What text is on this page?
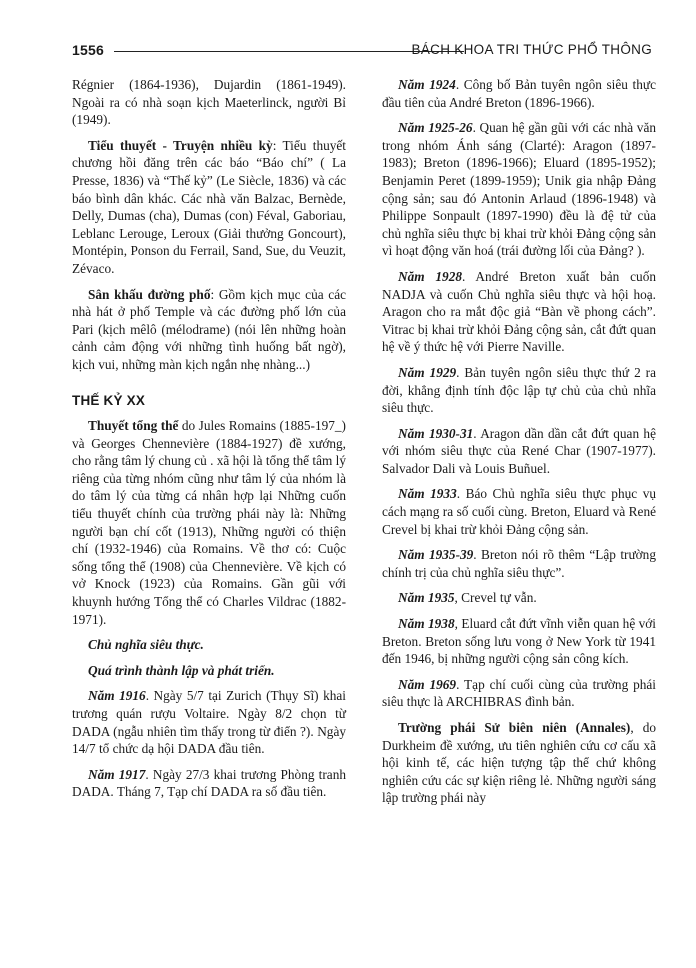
1556	BÁCH KHOA TRI THỨC PHỔ THÔNG

Régnier (1864-1936), Dujardin (1861-1949). Ngoài ra có nhà soạn kịch Maeterlinck, người Bỉ (1949).

Tiểu thuyết - Truyện nhiều kỳ: Tiểu thuyết chương hồi đăng trên các báo “Báo chí” ( La Presse, 1836) và “Thế kỷ” (Le Siècle, 1836) và các báo bình dân khác. Các nhà văn Balzac, Bernède, Delly, Dumas (cha), Dumas (con) Féval, Gaboriau, Leblanc Lerouge, Leroux (Giải thưởng Goncourt), Montépin, Ponson du Ferrail, Sand, Sue, du Veuzit, Zévaco.

Sân khấu đường phố: Gồm kịch mục của các nhà hát ở phố Temple và các đường phố lớn của Pari (kịch mêlô (mélodrame) (nói lên những hoàn cảnh cảm động với những tình huống bất ngờ), kịch vui, những màn kịch ngắn nhẹ nhàng...)

THẾ KỶ XX

Thuyết tổng thể do Jules Romains (1885-197_) và Georges Chennevière (1884-1927) đề xướng, cho rằng tâm lý chung củ . xã hội là tổng thể tâm lý riêng của từng nhóm cũng như tâm lý của nhóm là do tâm lý của từng cá nhân hợp lại Những cuốn tiểu thuyết chính của trường phái này là: Những người bạn chí cốt (1913), Những người có thiện chí (1932-1946) của Romains. Về thơ có: Cuộc sống tổng thể (1908) của Chennevière. Về kịch có vở Knock (1923) của Romains. Gần gũi với khuynh hướng Tổng thể có Charles Vildrac (1882-1971).

Chủ nghĩa siêu thực.

Quá trình thành lập và phát triển.

Năm 1916. Ngày 5/7 tại Zurich (Thụy Sĩ) khai trương quán rượu Voltaire. Ngày 8/2 chọn từ DADA (ngẫu nhiên tìm thấy trong từ điển ?). Ngày 14/7 tổ chức dạ hội DADA đầu tiên.

Năm 1917. Ngày 27/3 khai trương Phòng tranh DADA. Tháng 7, Tạp chí DADA ra số đầu tiên.

Năm 1924. Công bố Bản tuyên ngôn siêu thực đầu tiên của André Breton (1896-1966).

Năm 1925-26. Quan hệ gần gũi với các nhà văn trong nhóm Ánh sáng (Clarté): Aragon (1897-1983); Breton (1896-1966); Eluard (1895-1952); Benjamin Peret (1899-1959); Unik gia nhập Đảng cộng sản; sau đó Antonin Arlaud (1896-1948) và Philippe Sonpault (1897-1990) đều là đệ tử của chủ nghĩa siêu thực bị khai trừ khỏi Đảng cộng sản vì hoạt động văn hoá (trái đường lối của Đảng? ).

Năm 1928. André Breton xuất bản cuốn NADJA và cuốn Chủ nghĩa siêu thực và hội hoạ. Aragon cho ra mắt độc giả “Bàn về phong cách”. Vitrac bị khai trừ khỏi Đảng cộng sản, cắt đứt quan hệ về ý thức hệ với Pierre Naville.

Năm 1929. Bản tuyên ngôn siêu thực thứ 2 ra đời, khẳng định tính độc lập tự chủ của chủ nhĩa siêu thực.

Năm 1930-31. Aragon dần dần cắt đứt quan hệ với nhóm siêu thực của René Char (1907-1977). Salvador Dali và Louis Buñuel.

Năm 1933. Báo Chủ nghĩa siêu thực phục vụ cách mạng ra số cuối cùng. Breton, Eluard và René Crevel bị khai trừ khỏi Đảng cộng sản.

Năm 1935-39. Breton nói rõ thêm “Lập trường chính trị của chủ nghĩa siêu thực”.

Năm 1935, Crevel tự vẫn.

Năm 1938, Eluard cắt đứt vĩnh viễn quan hệ với Breton. Breton sống lưu vong ở New York từ 1941 đến 1946, bị những người cộng sản công kích.

Năm 1969. Tạp chí cuối cùng của trường phái siêu thực là ARCHIBRAS đình bản.

Trường phái Sử biên niên (Annales), do Durkheim đề xướng, ưu tiên nghiên cứu cơ cấu xã hội kinh tế, các hiện tượng tập thể chứ không nghiên cứu các sự kiện riêng lẻ. Những người sáng lập trường phái này
